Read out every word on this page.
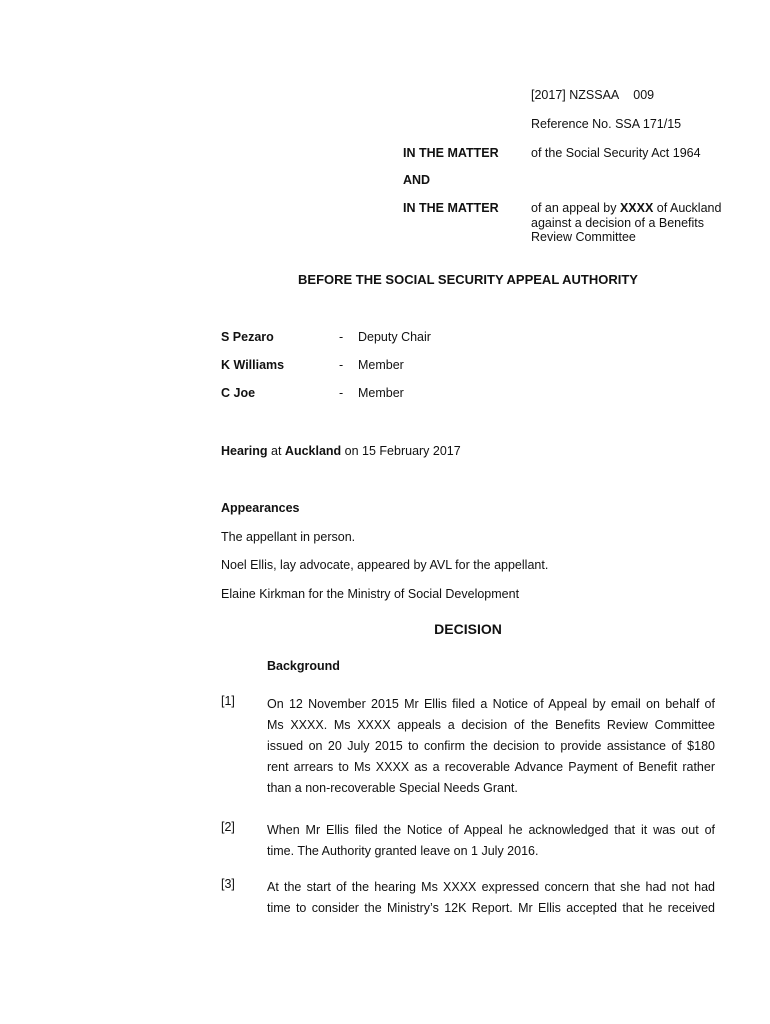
[2017] NZSSAA 009
Reference No. SSA 171/15
IN THE MATTER	of the Social Security Act 1964
AND
IN THE MATTER	of an appeal by XXXX of Auckland against a decision of a Benefits Review Committee
BEFORE THE SOCIAL SECURITY APPEAL AUTHORITY
S Pezaro	- Deputy Chair
K Williams	- Member
C Joe	- Member
Hearing at Auckland on 15 February 2017
Appearances
The appellant in person.
Noel Ellis, lay advocate, appeared by AVL for the appellant.
Elaine Kirkman for the Ministry of Social Development
DECISION
Background
[1]	On 12 November 2015 Mr Ellis filed a Notice of Appeal by email on behalf of
Ms XXXX. Ms XXXX appeals a decision of the Benefits Review Committee
issued on 20 July 2015 to confirm the decision to provide assistance of $180
rent arrears to Ms XXXX as a recoverable Advance Payment of Benefit rather
than a non-recoverable Special Needs Grant.
[2]	When Mr Ellis filed the Notice of Appeal he acknowledged that it was out of
time. The Authority granted leave on 1 July 2016.
[3]	At the start of the hearing Ms XXXX expressed concern that she had not had
time to consider the Ministry’s 12K Report. Mr Ellis accepted that he received
